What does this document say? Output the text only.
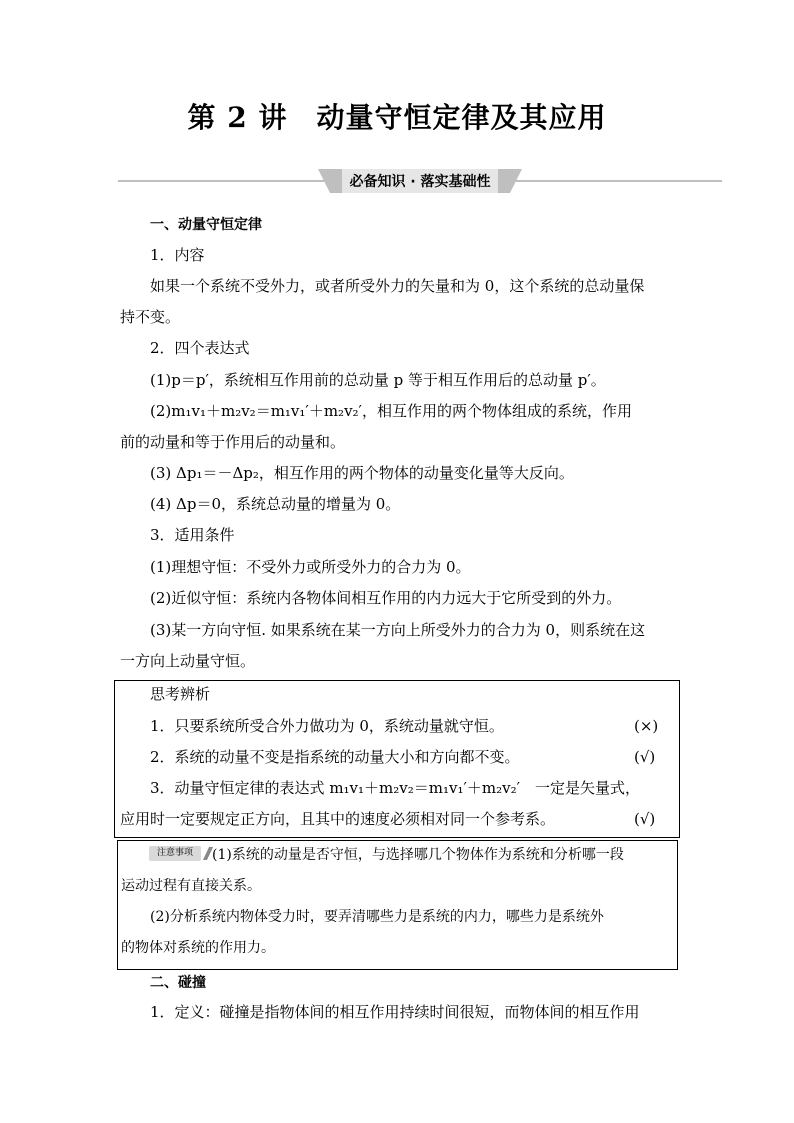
第 2 讲　动量守恒定律及其应用
必备知识 · 落实基础性
一、动量守恒定律
1．内容
如果一个系统不受外力，或者所受外力的矢量和为 0，这个系统的总动量保
持不变。
2．四个表达式
(1)p＝p′，系统相互作用前的总动量 p 等于相互作用后的总动量 p′。
(2)m₁v₁＋m₂v₂＝m₁v₁′＋m₂v₂′，相互作用的两个物体组成的系统，作用
前的动量和等于作用后的动量和。
(3) Δp₁＝－Δp₂，相互作用的两个物体的动量变化量等大反向。
(4) Δp＝0，系统总动量的增量为 0。
3．适用条件
(1)理想守恒：不受外力或所受外力的合力为 0。
(2)近似守恒：系统内各物体间相互作用的内力远大于它所受到的外力。
(3)某一方向守恒. 如果系统在某一方向上所受外力的合力为 0，则系统在这
一方向上动量守恒。
思考辨析
1．只要系统所受合外力做功为 0，系统动量就守恒。	(×)
2．系统的动量不变是指系统的动量大小和方向都不变。	(√)
3．动量守恒定律的表达式 m₁v₁＋m₂v₂＝m₁v₁′＋m₂v₂′　一定是矢量式，
应用时一定要规定正方向，且其中的速度必须相对同一个参考系。	(√)
注意事项	(1)系统的动量是否守恒，与选择哪几个物体作为系统和分析哪一段
运动过程有直接关系。
(2)分析系统内物体受力时，要弄清哪些力是系统的内力，哪些力是系统外
的物体对系统的作用力。
二、碰撞
1．定义：碰撞是指物体间的相互作用持续时间很短，而物体间的相互作用
